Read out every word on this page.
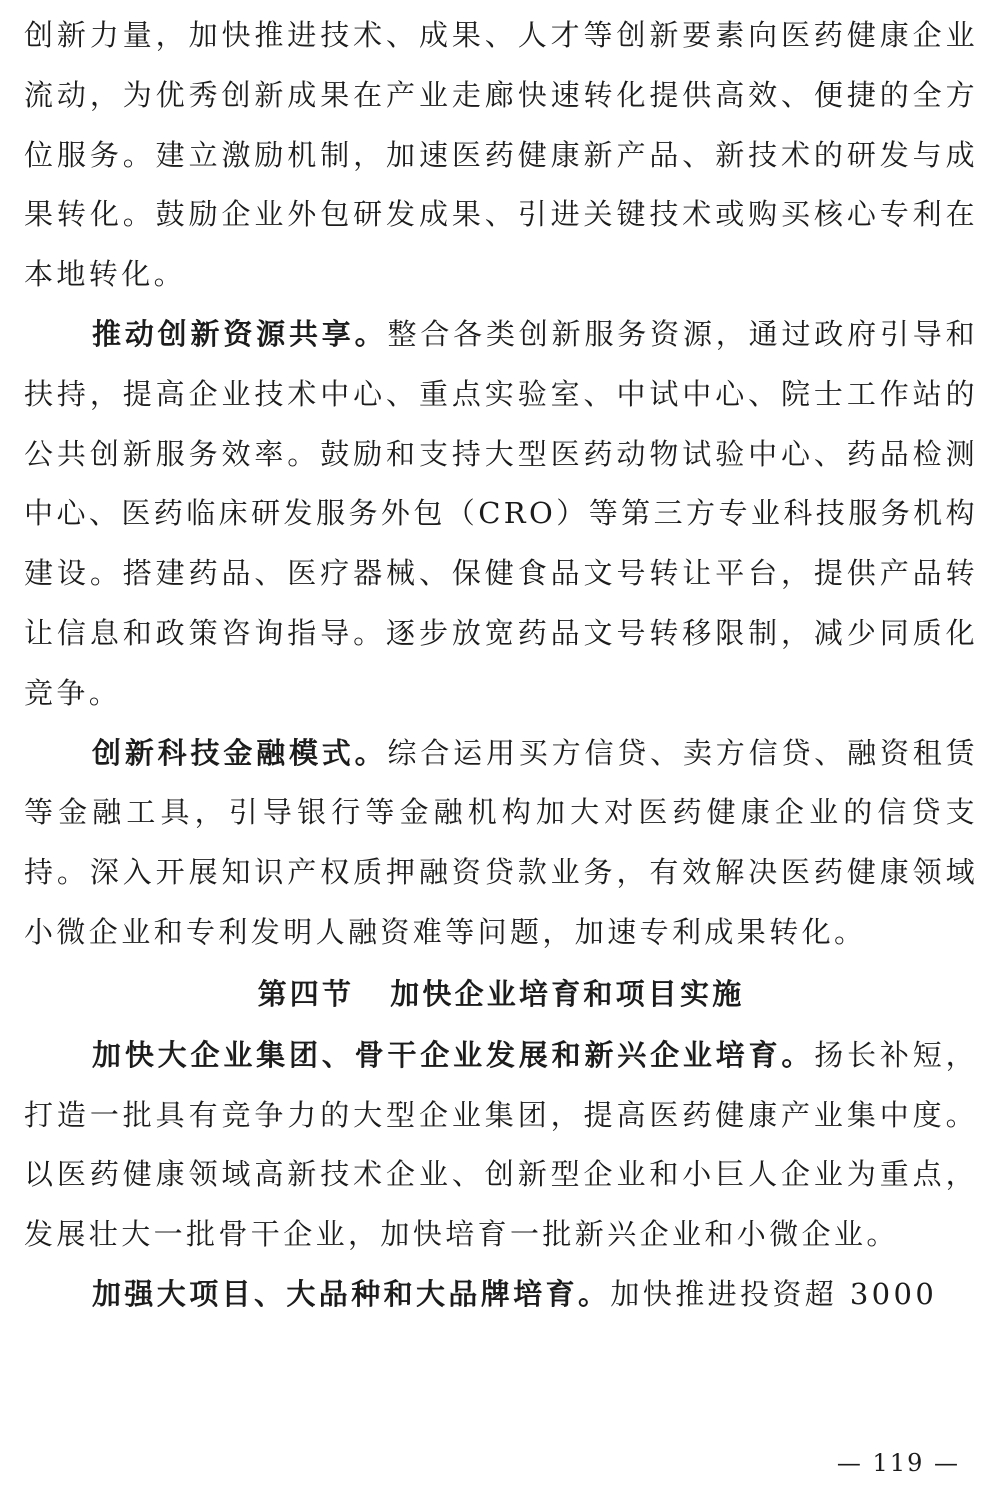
创新力量，加快推进技术、成果、人才等创新要素向医药健康企业流动，为优秀创新成果在产业走廊快速转化提供高效、便捷的全方位服务。建立激励机制，加速医药健康新产品、新技术的研发与成果转化。鼓励企业外包研发成果、引进关键技术或购买核心专利在本地转化。

推动创新资源共享。整合各类创新服务资源，通过政府引导和扶持，提高企业技术中心、重点实验室、中试中心、院士工作站的公共创新服务效率。鼓励和支持大型医药动物试验中心、药品检测中心、医药临床研发服务外包（CRO）等第三方专业科技服务机构建设。搭建药品、医疗器械、保健食品文号转让平台，提供产品转让信息和政策咨询指导。逐步放宽药品文号转移限制，减少同质化竞争。

创新科技金融模式。综合运用买方信贷、卖方信贷、融资租赁等金融工具，引导银行等金融机构加大对医药健康企业的信贷支持。深入开展知识产权质押融资贷款业务，有效解决医药健康领域小微企业和专利发明人融资难等问题，加速专利成果转化。

第四节 加快企业培育和项目实施

加快大企业集团、骨干企业发展和新兴企业培育。扬长补短，打造一批具有竞争力的大型企业集团，提高医药健康产业集中度。以医药健康领域高新技术企业、创新型企业和小巨人企业为重点，发展壮大一批骨干企业，加快培育一批新兴企业和小微企业。

加强大项目、大品种和大品牌培育。加快推进投资超 3000

— 119 —
